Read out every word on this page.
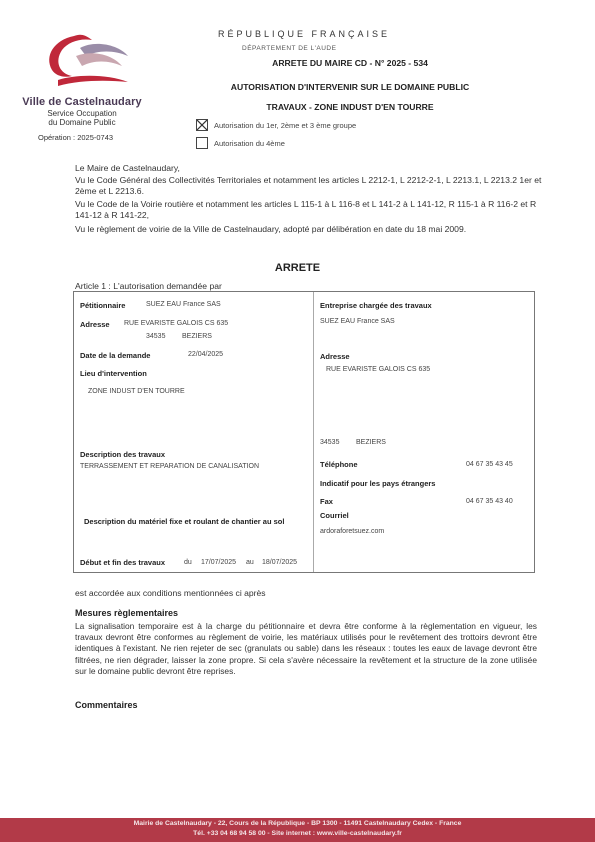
Ville de Castelnaudary
Service Occupation
du Domaine Public
Opération : 2025-0743
RÉPUBLIQUE FRANÇAISE
DÉPARTEMENT DE L'AUDE
ARRETE DU MAIRE CD - N° 2025 - 534
AUTORISATION D'INTERVENIR SUR LE DOMAINE PUBLIC
TRAVAUX - ZONE INDUST D'EN TOURRE
Autorisation du 1er, 2ème et 3 ème groupe
Autorisation du 4ème
Le Maire de Castelnaudary,
Vu le Code Général des Collectivités Territoriales et notamment les articles L 2212-1, L 2212-2-1, L 2213.1, L 2213.2 1er et 2ème et L 2213.6.
Vu le Code de la Voirie routière et notamment les articles L 115-1 à L 116-8 et L 141-2 à L 141-12, R 115-1 à R 116-2 et R 141-12 à R 141-22,
Vu le règlement de voirie de la Ville de Castelnaudary, adopté par délibération en date du 18 mai 2009.
ARRETE
Article 1 : L'autorisation demandée par
Pétitionnaire	SUEZ EAU France SAS
Adresse RUE EVARISTE GALOIS CS 635
34535 BEZIERS
Date de la demande	22/04/2025
Lieu d'intervention
ZONE INDUST D'EN TOURRE
Description des travaux
TERRASSEMENT ET REPARATION DE CANALISATION
Description du matériel fixe et roulant de chantier au sol
Début et fin des travaux	du 17/07/2025 au 18/07/2025
Entreprise chargée des travaux
SUEZ EAU France SAS
Adresse
RUE EVARISTE GALOIS CS 635
34535 BEZIERS
Téléphone	04 67 35 43 45
Indicatif pour les pays étrangers
Fax	04 67 35 43 40
Courriel
ardoraforetsuez.com
est accordée aux conditions mentionnées ci après
Mesures règlementaires
La signalisation temporaire est à la charge du pétitionnaire et devra être conforme à la règlementation en vigueur, les travaux devront être conformes au règlement de voirie, les matériaux utilisés pour le revêtement des trottoirs devront être identiques à l'existant. Ne rien rejeter de sec (granulats ou sable) dans les réseaux : toutes les eaux de lavage devront être filtrées, ne rien dégrader, laisser la zone propre. Si cela s'avère nécessaire la revêtement et la structure de la zone utilisée sur le domaine public devront être reprises.
Commentaires
Mairie de Castelnaudary - 22, Cours de la République - BP 1300 - 11491 Castelnaudary Cedex - France
Tél. +33 04 68 94 58 00 - Site internet : www.ville-castelnaudary.fr
